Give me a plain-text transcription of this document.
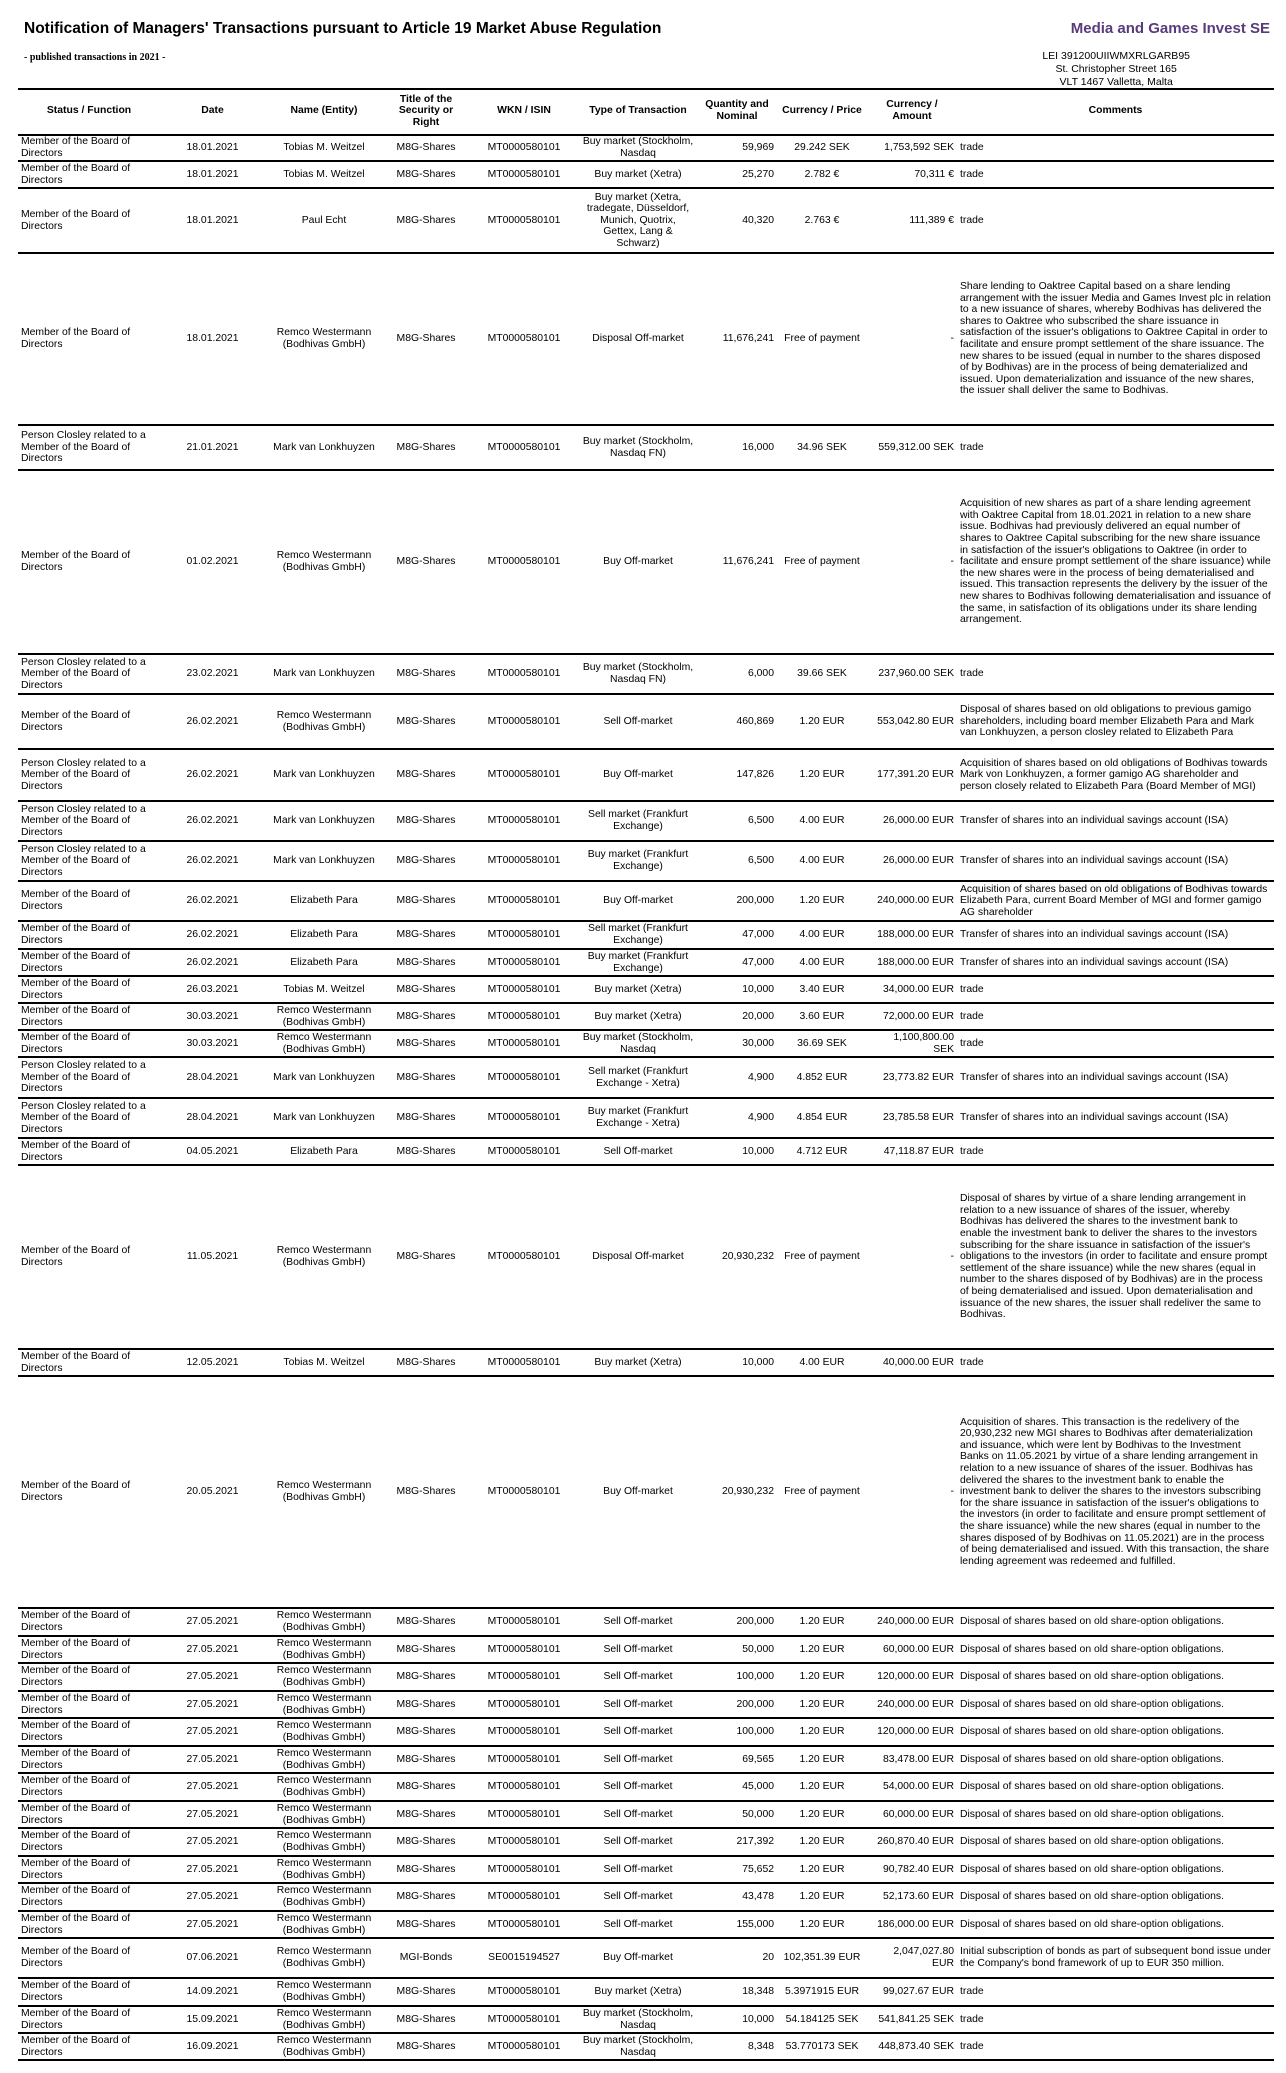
Notification of Managers' Transactions pursuant to Article 19 Market Abuse Regulation
- published transactions in 2021 -
Media and Games Invest SE
LEI 391200UIIWMXRLGARB95
St. Christopher Street 165
VLT 1467 Valletta, Malta
Status / Function	Date	Name (Entity)	Title of the Security or Right	WKN / ISIN	Type of Transaction	Quantity and Nominal	Currency / Price	Currency / Amount	Comments
Member of the Board of Directors	18.01.2021	Tobias M. Weitzel	M8G-Shares	MT0000580101	Buy market (Stockholm, Nasdaq	59,969	29.242 SEK	1,753,592 SEK	trade
Member of the Board of Directors	18.01.2021	Tobias M. Weitzel	M8G-Shares	MT0000580101	Buy market (Xetra)	25,270	2.782 €	70,311 €	trade
Member of the Board of Directors	18.01.2021	Paul Echt	M8G-Shares	MT0000580101	Buy market (Xetra, tradegate, Düsseldorf, Munich, Quotrix, Gettex, Lang & Schwarz)	40,320	2.763 €	111,389 €	trade
Member of the Board of Directors	18.01.2021	Remco Westermann (Bodhivas GmbH)	M8G-Shares	MT0000580101	Disposal Off-market	11,676,241	Free of payment	-	Share lending to Oaktree Capital based on a share lending arrangement with the issuer Media and Games Invest plc in relation to a new issuance of shares, whereby Bodhivas has delivered the shares to Oaktree who subscribed the share issuance in satisfaction of the issuer's obligations to Oaktree Capital in order to facilitate and ensure prompt settlement of the share issuance. The new shares to be issued (equal in number to the shares disposed of by Bodhivas) are in the process of being dematerialized and issued. Upon dematerialization and issuance of the new shares, the issuer shall deliver the same to Bodhivas.
Person Closley related to a Member of the Board of Directors	21.01.2021	Mark van Lonkhuyzen	M8G-Shares	MT0000580101	Buy market (Stockholm, Nasdaq FN)	16,000	34.96 SEK	559,312.00 SEK	trade
Member of the Board of Directors	01.02.2021	Remco Westermann (Bodhivas GmbH)	M8G-Shares	MT0000580101	Buy Off-market	11,676,241	Free of payment	-	Acquisition of new shares as part of a share lending agreement with Oaktree Capital from 18.01.2021 in relation to a new share issue. Bodhivas had previously delivered an equal number of shares to Oaktree Capital subscribing for the new share issuance in satisfaction of the issuer's obligations to Oaktree (in order to facilitate and ensure prompt settlement of the share issuance) while the new shares were in the process of being dematerialised and issued. This transaction represents the delivery by the issuer of the new shares to Bodhivas following dematerialisation and issuance of the same, in satisfaction of its obligations under its share lending arrangement.
Person Closley related to a Member of the Board of Directors	23.02.2021	Mark van Lonkhuyzen	M8G-Shares	MT0000580101	Buy market (Stockholm, Nasdaq FN)	6,000	39.66 SEK	237,960.00 SEK	trade
Member of the Board of Directors	26.02.2021	Remco Westermann (Bodhivas GmbH)	M8G-Shares	MT0000580101	Sell Off-market	460,869	1.20 EUR	553,042.80 EUR	Disposal of shares based on old obligations to previous gamigo shareholders, including board member Elizabeth Para and Mark van Lonkhuyzen, a person closley related to Elizabeth Para
Person Closley related to a Member of the Board of Directors	26.02.2021	Mark van Lonkhuyzen	M8G-Shares	MT0000580101	Buy Off-market	147,826	1.20 EUR	177,391.20 EUR	Acquisition of shares based on old obligations of Bodhivas towards Mark von Lonkhuyzen, a former gamigo AG shareholder and person closely related to Elizabeth Para (Board Member of MGI)
Person Closley related to a Member of the Board of Directors	26.02.2021	Mark van Lonkhuyzen	M8G-Shares	MT0000580101	Sell market (Frankfurt Exchange)	6,500	4.00 EUR	26,000.00 EUR	Transfer of shares into an individual savings account (ISA)
Person Closley related to a Member of the Board of Directors	26.02.2021	Mark van Lonkhuyzen	M8G-Shares	MT0000580101	Buy market (Frankfurt Exchange)	6,500	4.00 EUR	26,000.00 EUR	Transfer of shares into an individual savings account (ISA)
Member of the Board of Directors	26.02.2021	Elizabeth Para	M8G-Shares	MT0000580101	Buy Off-market	200,000	1.20 EUR	240,000.00 EUR	Acquisition of shares based on old obligations of Bodhivas towards Elizabeth Para, current Board Member of MGI and former gamigo AG shareholder
Member of the Board of Directors	26.02.2021	Elizabeth Para	M8G-Shares	MT0000580101	Sell market (Frankfurt Exchange)	47,000	4.00 EUR	188,000.00 EUR	Transfer of shares into an individual savings account (ISA)
Member of the Board of Directors	26.02.2021	Elizabeth Para	M8G-Shares	MT0000580101	Buy market (Frankfurt Exchange)	47,000	4.00 EUR	188,000.00 EUR	Transfer of shares into an individual savings account (ISA)
Member of the Board of Directors	26.03.2021	Tobias M. Weitzel	M8G-Shares	MT0000580101	Buy market (Xetra)	10,000	3.40 EUR	34,000.00 EUR	trade
Member of the Board of Directors	30.03.2021	Remco Westermann (Bodhivas GmbH)	M8G-Shares	MT0000580101	Buy market (Xetra)	20,000	3.60 EUR	72,000.00 EUR	trade
Member of the Board of Directors	30.03.2021	Remco Westermann (Bodhivas GmbH)	M8G-Shares	MT0000580101	Buy market (Stockholm, Nasdaq	30,000	36.69 SEK	1,100,800.00 SEK	trade
Person Closley related to a Member of the Board of Directors	28.04.2021	Mark van Lonkhuyzen	M8G-Shares	MT0000580101	Sell market (Frankfurt Exchange - Xetra)	4,900	4.852 EUR	23,773.82 EUR	Transfer of shares into an individual savings account (ISA)
Person Closley related to a Member of the Board of Directors	28.04.2021	Mark van Lonkhuyzen	M8G-Shares	MT0000580101	Buy market (Frankfurt Exchange - Xetra)	4,900	4.854 EUR	23,785.58 EUR	Transfer of shares into an individual savings account (ISA)
Member of the Board of Directors	04.05.2021	Elizabeth Para	M8G-Shares	MT0000580101	Sell Off-market	10,000	4.712 EUR	47,118.87 EUR	trade
Member of the Board of Directors	11.05.2021	Remco Westermann (Bodhivas GmbH)	M8G-Shares	MT0000580101	Disposal Off-market	20,930,232	Free of payment	-	Disposal of shares by virtue of a share lending arrangement in relation to a new issuance of shares of the issuer, whereby Bodhivas has delivered the shares to the investment bank to enable the investment bank to deliver the shares to the investors subscribing for the share issuance in satisfaction of the issuer's obligations to the investors (in order to facilitate and ensure prompt settlement of the share issuance) while the new shares (equal in number to the shares disposed of by Bodhivas) are in the process of being dematerialised and issued. Upon dematerialisation and issuance of the new shares, the issuer shall redeliver the same to Bodhivas.
Member of the Board of Directors	12.05.2021	Tobias M. Weitzel	M8G-Shares	MT0000580101	Buy market (Xetra)	10,000	4.00 EUR	40,000.00 EUR	trade
Member of the Board of Directors	20.05.2021	Remco Westermann (Bodhivas GmbH)	M8G-Shares	MT0000580101	Buy Off-market	20,930,232	Free of payment	-	Acquisition of shares. This transaction is the redelivery of the 20,930,232 new MGI shares to Bodhivas after dematerialization and issuance, which were lent by Bodhivas to the Investment Banks on 11.05.2021 by virtue of a share lending arrangement in relation to a new issuance of shares of the issuer. Bodhivas has delivered the shares to the investment bank to enable the investment bank to deliver the shares to the investors subscribing for the share issuance in satisfaction of the issuer's obligations to the investors (in order to facilitate and ensure prompt settlement of the share issuance) while the new shares (equal in number to the shares disposed of by Bodhivas on 11.05.2021) are in the process of being dematerialised and issued. With this transaction, the share lending agreement was redeemed and fulfilled.
Member of the Board of Directors	27.05.2021	Remco Westermann (Bodhivas GmbH)	M8G-Shares	MT0000580101	Sell Off-market	200,000	1.20 EUR	240,000.00 EUR	Disposal of shares based on old share-option obligations.
Member of the Board of Directors	27.05.2021	Remco Westermann (Bodhivas GmbH)	M8G-Shares	MT0000580101	Sell Off-market	50,000	1.20 EUR	60,000.00 EUR	Disposal of shares based on old share-option obligations.
Member of the Board of Directors	27.05.2021	Remco Westermann (Bodhivas GmbH)	M8G-Shares	MT0000580101	Sell Off-market	100,000	1.20 EUR	120,000.00 EUR	Disposal of shares based on old share-option obligations.
Member of the Board of Directors	27.05.2021	Remco Westermann (Bodhivas GmbH)	M8G-Shares	MT0000580101	Sell Off-market	200,000	1.20 EUR	240,000.00 EUR	Disposal of shares based on old share-option obligations.
Member of the Board of Directors	27.05.2021	Remco Westermann (Bodhivas GmbH)	M8G-Shares	MT0000580101	Sell Off-market	100,000	1.20 EUR	120,000.00 EUR	Disposal of shares based on old share-option obligations.
Member of the Board of Directors	27.05.2021	Remco Westermann (Bodhivas GmbH)	M8G-Shares	MT0000580101	Sell Off-market	69,565	1.20 EUR	83,478.00 EUR	Disposal of shares based on old share-option obligations.
Member of the Board of Directors	27.05.2021	Remco Westermann (Bodhivas GmbH)	M8G-Shares	MT0000580101	Sell Off-market	45,000	1.20 EUR	54,000.00 EUR	Disposal of shares based on old share-option obligations.
Member of the Board of Directors	27.05.2021	Remco Westermann (Bodhivas GmbH)	M8G-Shares	MT0000580101	Sell Off-market	50,000	1.20 EUR	60,000.00 EUR	Disposal of shares based on old share-option obligations.
Member of the Board of Directors	27.05.2021	Remco Westermann (Bodhivas GmbH)	M8G-Shares	MT0000580101	Sell Off-market	217,392	1.20 EUR	260,870.40 EUR	Disposal of shares based on old share-option obligations.
Member of the Board of Directors	27.05.2021	Remco Westermann (Bodhivas GmbH)	M8G-Shares	MT0000580101	Sell Off-market	75,652	1.20 EUR	90,782.40 EUR	Disposal of shares based on old share-option obligations.
Member of the Board of Directors	27.05.2021	Remco Westermann (Bodhivas GmbH)	M8G-Shares	MT0000580101	Sell Off-market	43,478	1.20 EUR	52,173.60 EUR	Disposal of shares based on old share-option obligations.
Member of the Board of Directors	27.05.2021	Remco Westermann (Bodhivas GmbH)	M8G-Shares	MT0000580101	Sell Off-market	155,000	1.20 EUR	186,000.00 EUR	Disposal of shares based on old share-option obligations.
Member of the Board of Directors	07.06.2021	Remco Westermann (Bodhivas GmbH)	MGI-Bonds	SE0015194527	Buy Off-market	20	102,351.39 EUR	2,047,027.80 EUR	Initial subscription of bonds as part of subsequent bond issue under the Company's bond framework of up to EUR 350 million.
Member of the Board of Directors	14.09.2021	Remco Westermann (Bodhivas GmbH)	M8G-Shares	MT0000580101	Buy market (Xetra)	18,348	5.3971915 EUR	99,027.67 EUR	trade
Member of the Board of Directors	15.09.2021	Remco Westermann (Bodhivas GmbH)	M8G-Shares	MT0000580101	Buy market (Stockholm, Nasdaq	10,000	54.184125 SEK	541,841.25 SEK	trade
Member of the Board of Directors	16.09.2021	Remco Westermann (Bodhivas GmbH)	M8G-Shares	MT0000580101	Buy market (Stockholm, Nasdaq	8,348	53.770173 SEK	448,873.40 SEK	trade
